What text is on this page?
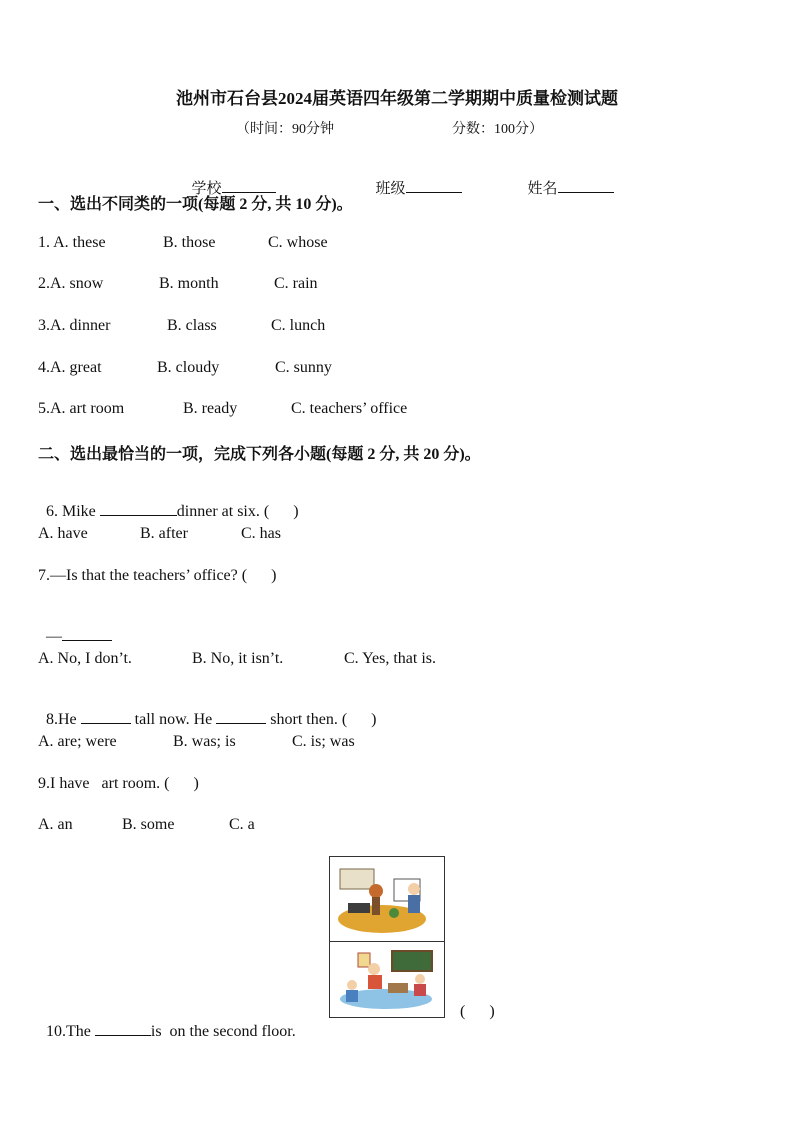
池州市石台县2024届英语四年级第二学期期中质量检测试题
（时间：90分钟	分数：100分）

学校	班级	姓名

一、选出不同类的一项(每题 2 分, 共 10 分)。
1. A. these	B. those	C. whose
2.A. snow	B. month	C. rain
3.A. dinner	B. class	C. lunch
4.A. great	B. cloudy	C. sunny
5.A. art room	B. ready	C. teachers’ office
二、选出最恰当的一项，完成下列各小题(每题 2 分, 共 20 分)。

6. Mike	dinner at six. (      )

A. have	B. after	C. has
7.—Is that the teachers’ office? (      )

—

A. No, I don’t.	B. No, it isn’t.	C. Yes, that is.

8.He	tall now. He	short then. (      )

A. are; were	B. was; is	C. is; was
9.I have   art room. (      )
A. an	B. some	C. a

10.The	is  on the second floor.

(      )
